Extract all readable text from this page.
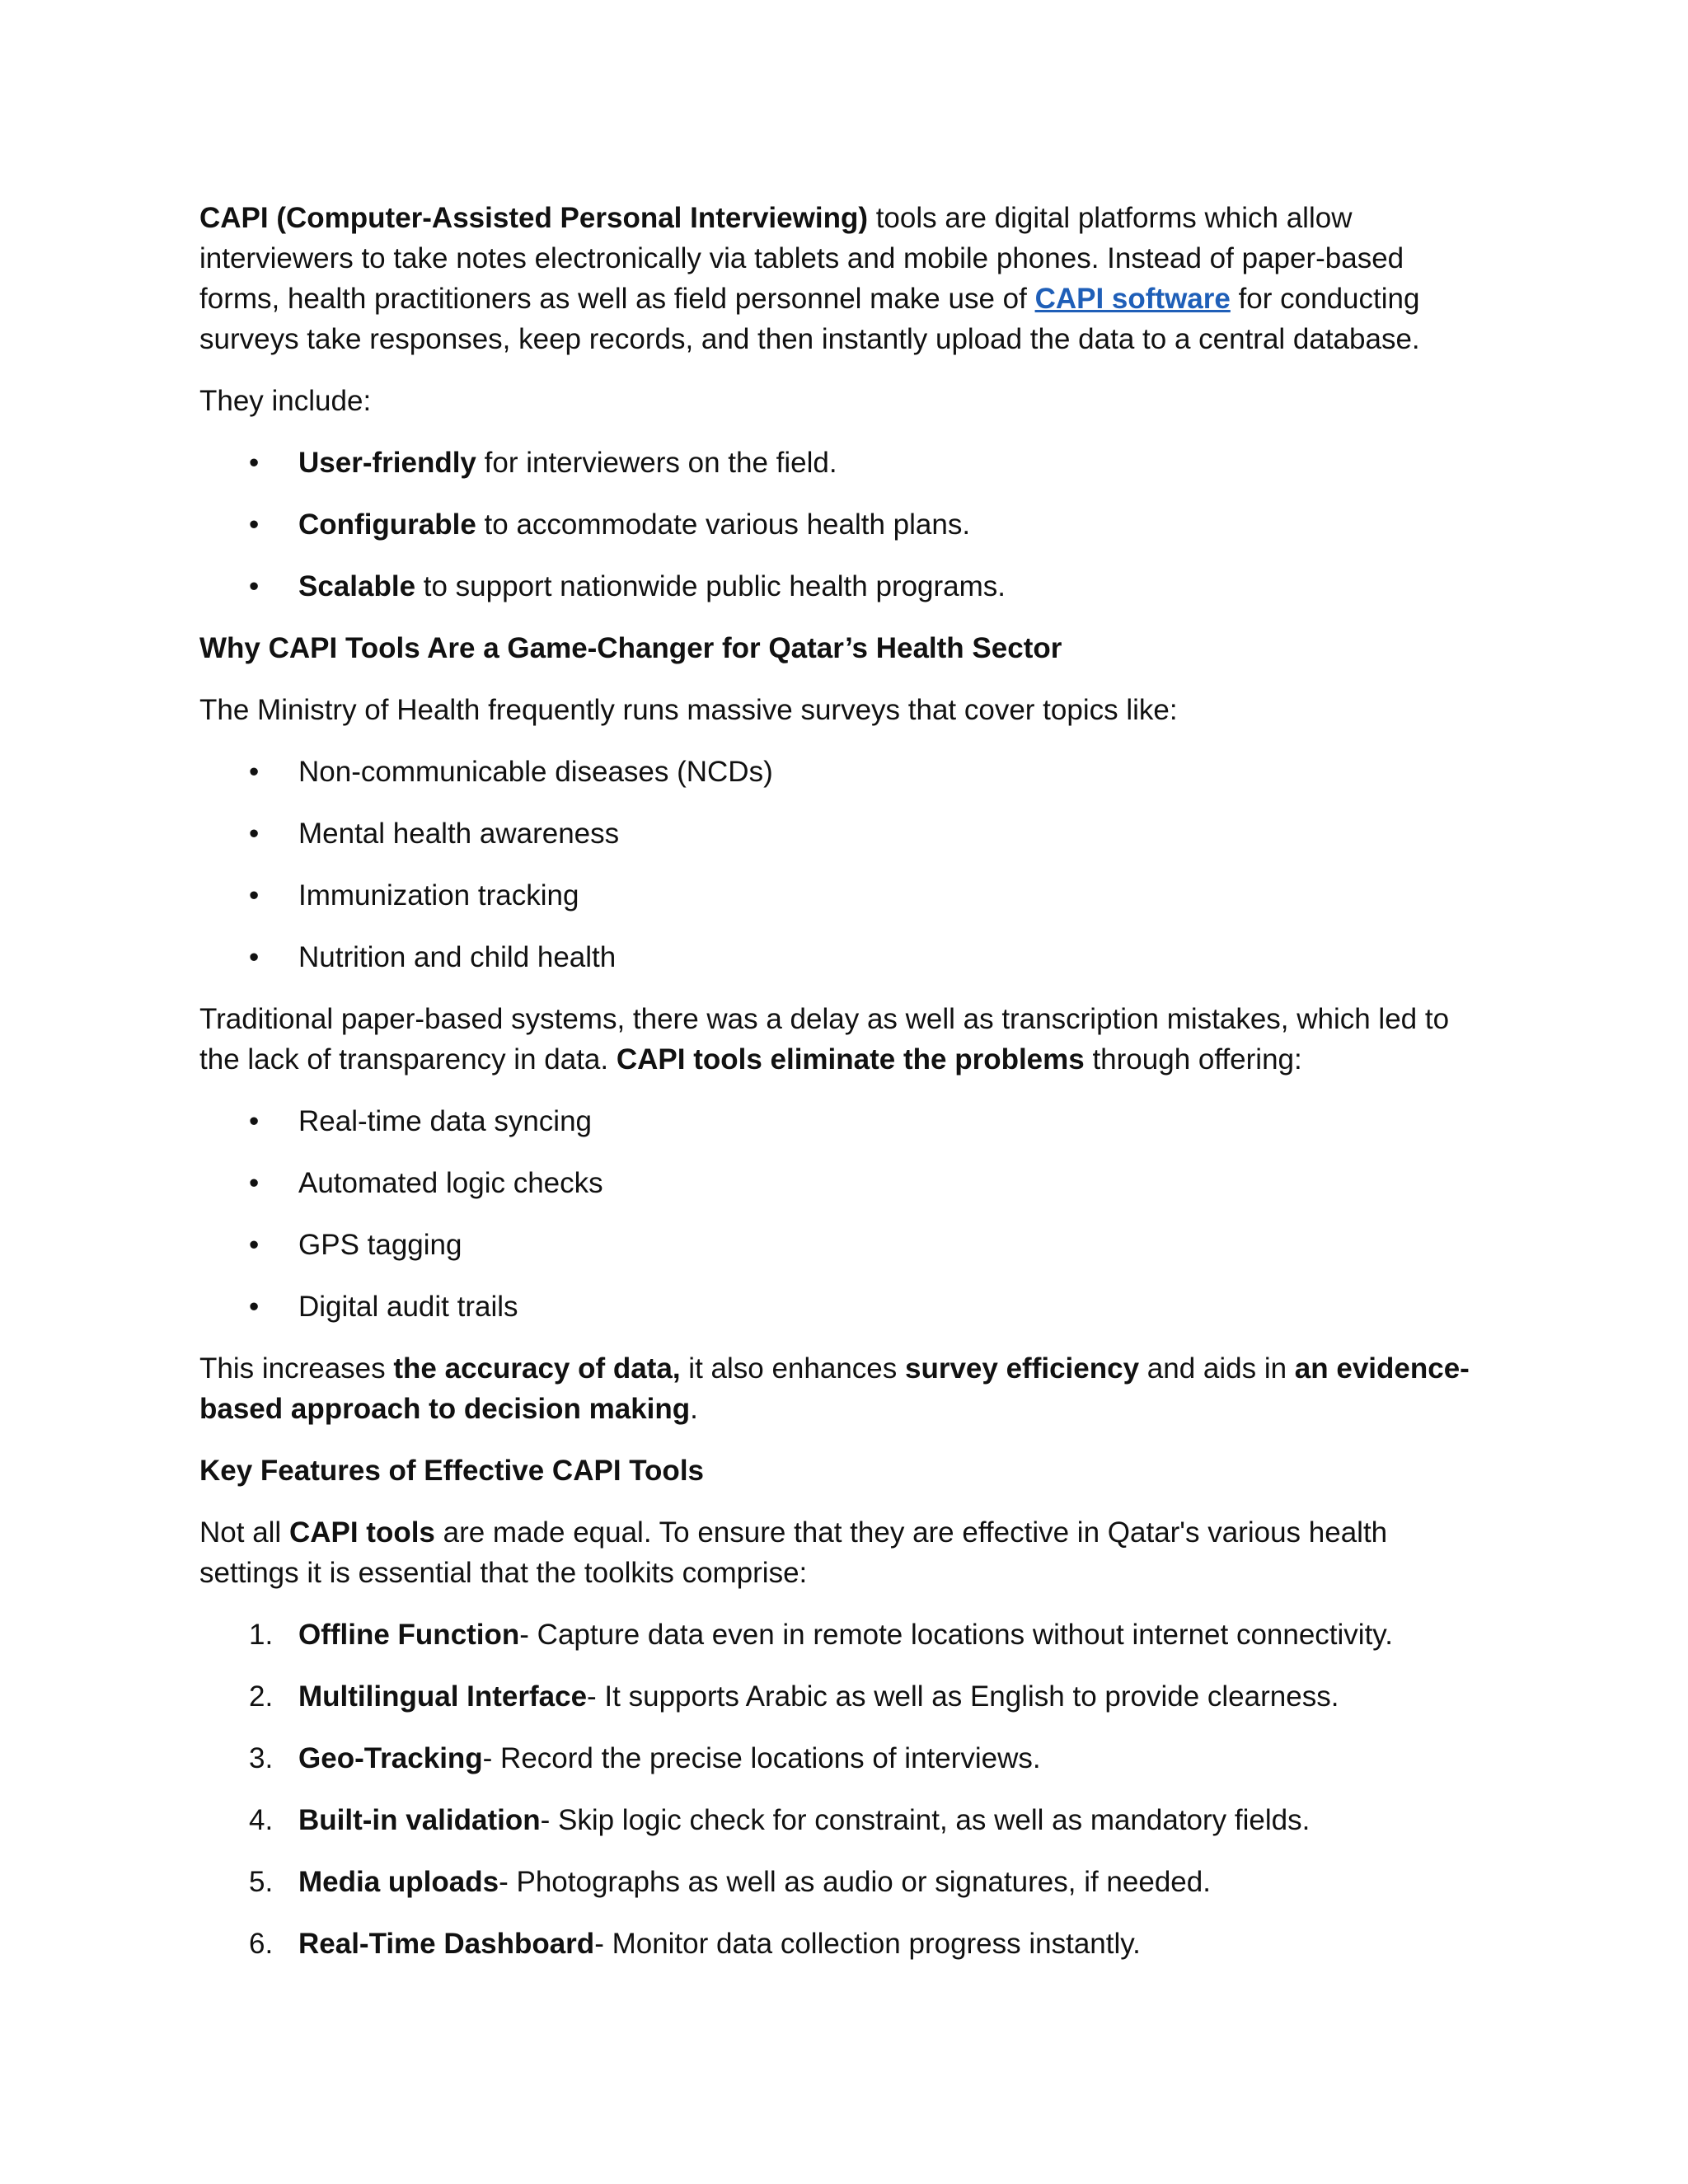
CAPI (Computer-Assisted Personal Interviewing) tools are digital platforms which allow interviewers to take notes electronically via tablets and mobile phones. Instead of paper-based forms, health practitioners as well as field personnel make use of CAPI software for conducting surveys take responses, keep records, and then instantly upload the data to a central database.

They include:

• User-friendly for interviewers on the field.
• Configurable to accommodate various health plans.
• Scalable to support nationwide public health programs.

Why CAPI Tools Are a Game-Changer for Qatar’s Health Sector

The Ministry of Health frequently runs massive surveys that cover topics like:

• Non-communicable diseases (NCDs)
• Mental health awareness
• Immunization tracking
• Nutrition and child health

Traditional paper-based systems, there was a delay as well as transcription mistakes, which led to the lack of transparency in data. CAPI tools eliminate the problems through offering:

• Real-time data syncing
• Automated logic checks
• GPS tagging
• Digital audit trails

This increases the accuracy of data, it also enhances survey efficiency and aids in an evidence-based approach to decision making.

Key Features of Effective CAPI Tools

Not all CAPI tools are made equal. To ensure that they are effective in Qatar's various health settings it is essential that the toolkits comprise:

1. Offline Function- Capture data even in remote locations without internet connectivity.
2. Multilingual Interface- It supports Arabic as well as English to provide clearness.
3. Geo-Tracking- Record the precise locations of interviews.
4. Built-in validation- Skip logic check for constraint, as well as mandatory fields.
5. Media uploads- Photographs as well as audio or signatures, if needed.
6. Real-Time Dashboard- Monitor data collection progress instantly.
